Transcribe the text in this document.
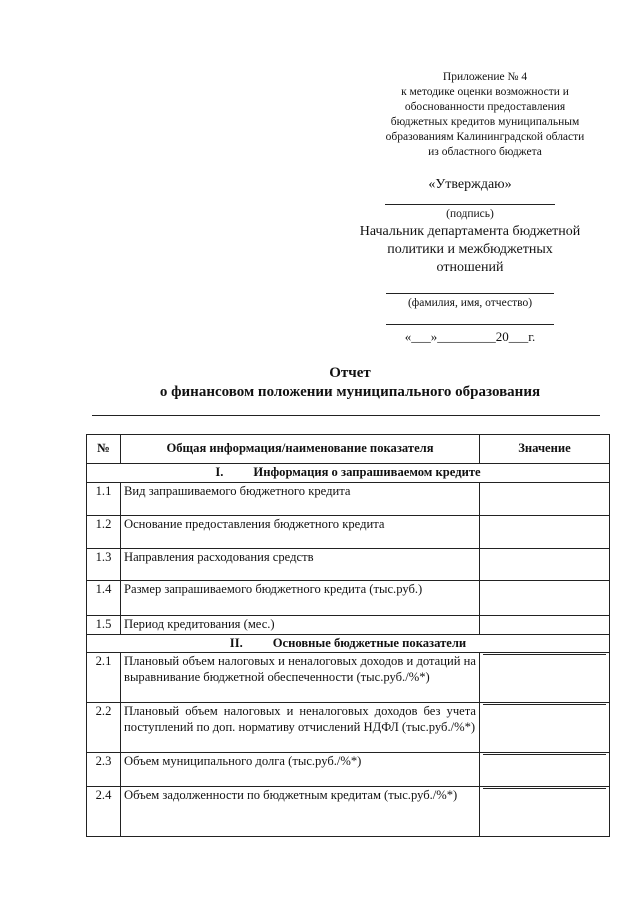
Приложение № 4
к методике оценки возможности и
обоснованности предоставления
бюджетных кредитов муниципальным
образованиям Калининградской области
из областного бюджета
«Утверждаю»
(подпись)
Начальник департамента бюджетной
политики и межбюджетных
отношений
(фамилия, имя, отчество)
«___»_________20___г.
Отчет
о финансовом положении муниципального образования
№	Общая информация/наименование показателя	Значение
I. Информация о запрашиваемом кредите		
1.1	Вид запрашиваемого бюджетного кредита	
1.2	Основание предоставления бюджетного кредита	
1.3	Направления расходования средств	
1.4	Размер запрашиваемого бюджетного кредита (тыс.руб.)	
1.5	Период кредитования (мес.)	
II. Основные бюджетные показатели		
2.1	Плановый объем налоговых и неналоговых доходов и дотаций на выравнивание бюджетной обеспеченности (тыс.руб./%*)	

2.2	Плановый объем налоговых и неналоговых доходов без учета поступлений по доп. нормативу отчислений НДФЛ (тыс.руб./%*)	

2.3	Объем муниципального долга (тыс.руб./%*)	

2.4	Объем задолженности по бюджетным кредитам (тыс.руб./%*)	
